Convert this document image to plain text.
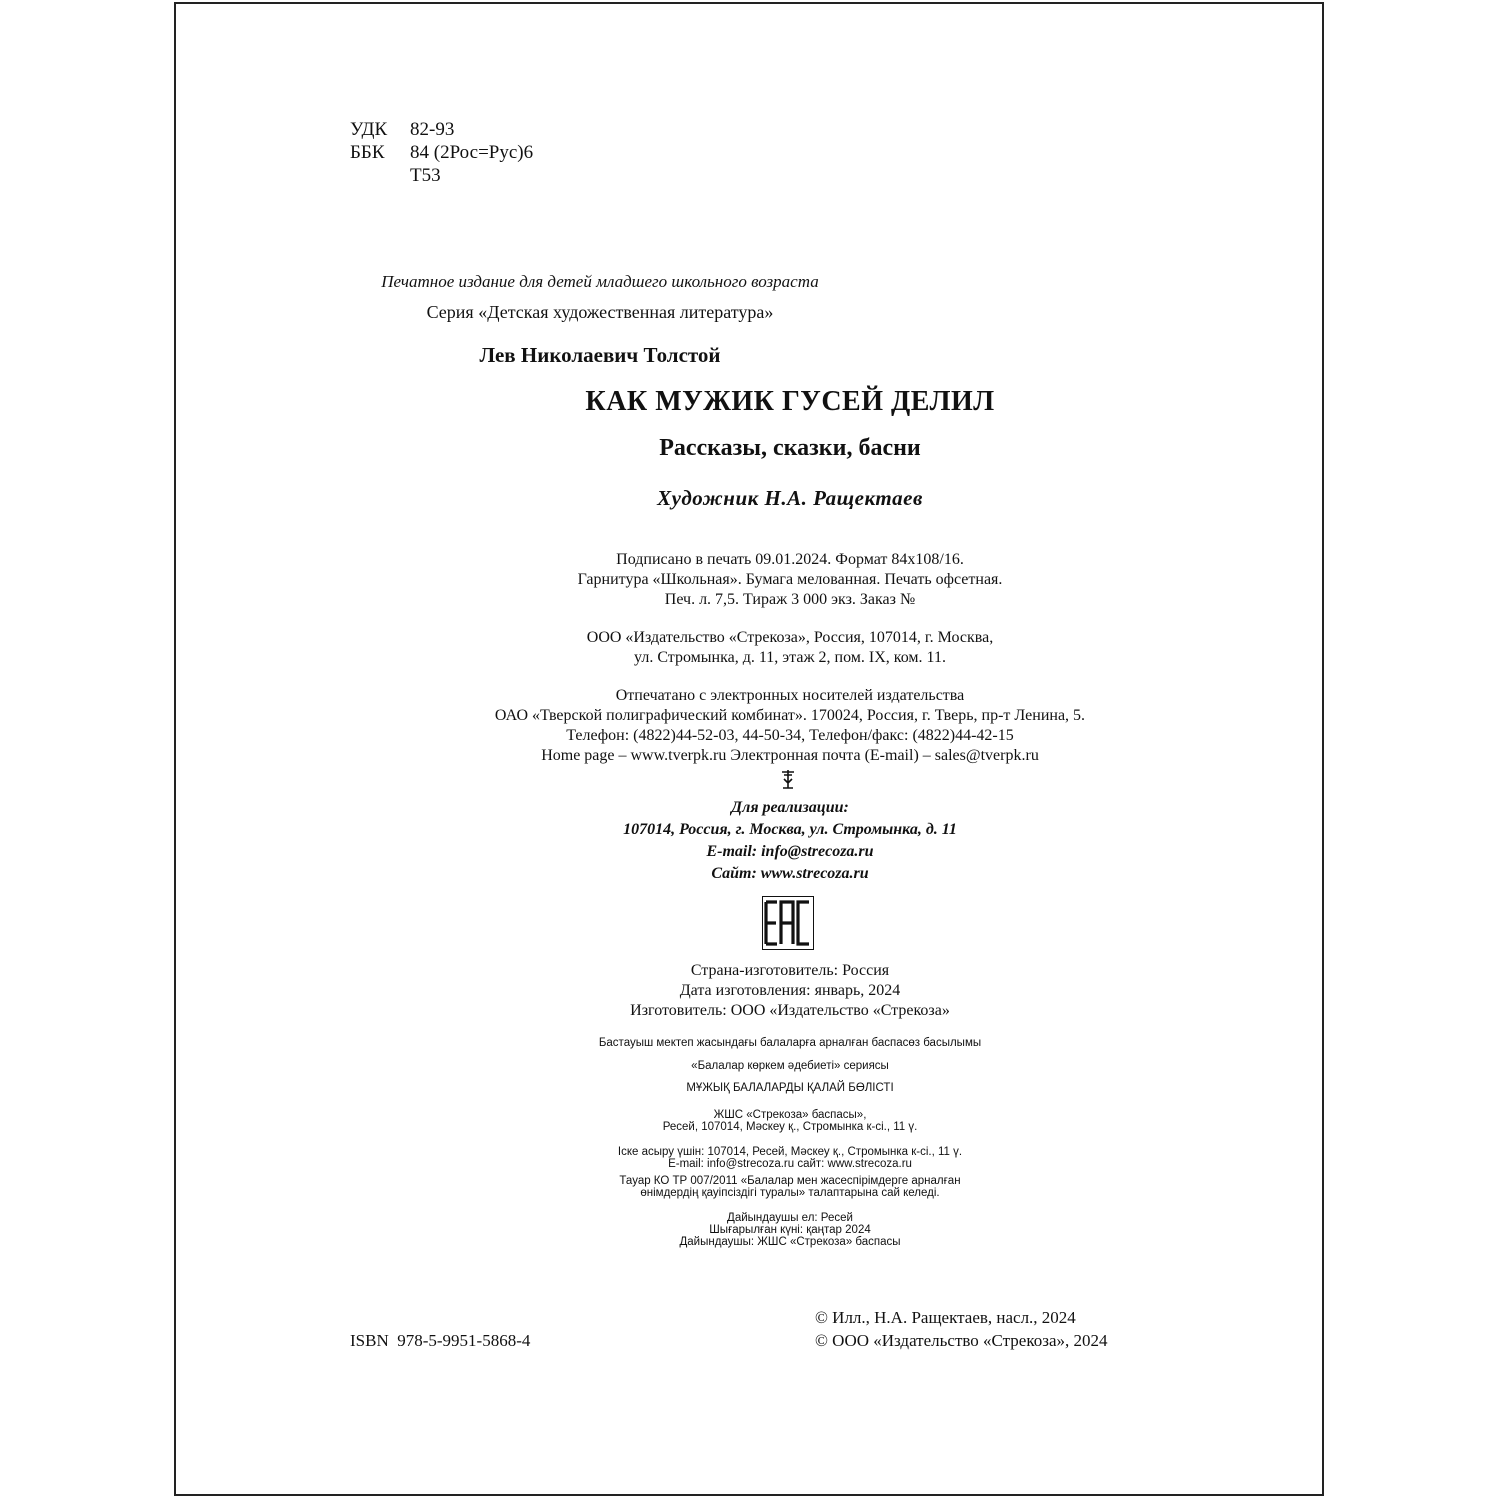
УДК 82-93
ББК 84 (2Рос=Рус)6
Т53
Печатное издание для детей младшего школьного возраста
Серия «Детская художественная литература»
Лев Николаевич Толстой
КАК МУЖИК ГУСЕЙ ДЕЛИЛ
Рассказы, сказки, басни
Художник Н.А. Ращектаев
Подписано в печать 09.01.2024. Формат 84х108/16.
Гарнитура «Школьная». Бумага мелованная. Печать офсетная.
Печ. л. 7,5. Тираж 3 000 экз. Заказ №
ООО «Издательство «Стрекоза», Россия, 107014, г. Москва,
ул. Стромынка, д. 11, этаж 2, пом. IX, ком. 11.
Отпечатано с электронных носителей издательства
ОАО «Тверской полиграфический комбинат». 170024, Россия, г. Тверь, пр-т Ленина, 5.
Телефон: (4822)44-52-03, 44-50-34, Телефон/факс: (4822)44-42-15
Home page – www.tverpk.ru Электронная почта (E-mail) – sales@tverpk.ru
Для реализации:
107014, Россия, г. Москва, ул. Стромынка, д. 11
E-mail: info@strecoza.ru
Сайт: www.strecoza.ru
EAC
Страна-изготовитель: Россия
Дата изготовления: январь, 2024
Изготовитель: ООО «Издательство «Стрекоза»
Бастауыш мектеп жасындағы балаларға арналған баспасөз басылымы
«Балалар көркем әдебиеті» сериясы
МҰЖЫҚ БАЛАЛАРДЫ ҚАЛАЙ БӨЛІСТІ
ЖШС «Стрекоза» баспасы»,
Ресей, 107014, Мәскеу қ., Стромынка к-сі., 11 ү.
Іске асыру үшін: 107014, Ресей, Мәскеу қ., Стромынка к-сі., 11 ү.
E-mail: info@strecoza.ru сайт: www.strecoza.ru
Тауар КО ТР 007/2011 «Балалар мен жасеспірімдерге арналған
өнімдердің қауіпсіздігі туралы» талаптарына сай келеді.
Дайындаушы ел: Ресей
Шығарылған күні: қаңтар 2024
Дайындаушы: ЖШС «Стрекоза» баспасы
© Илл., Н.А. Ращектаев, насл., 2024
© ООО «Издательство «Стрекоза», 2024
ISBN  978-5-9951-5868-4
